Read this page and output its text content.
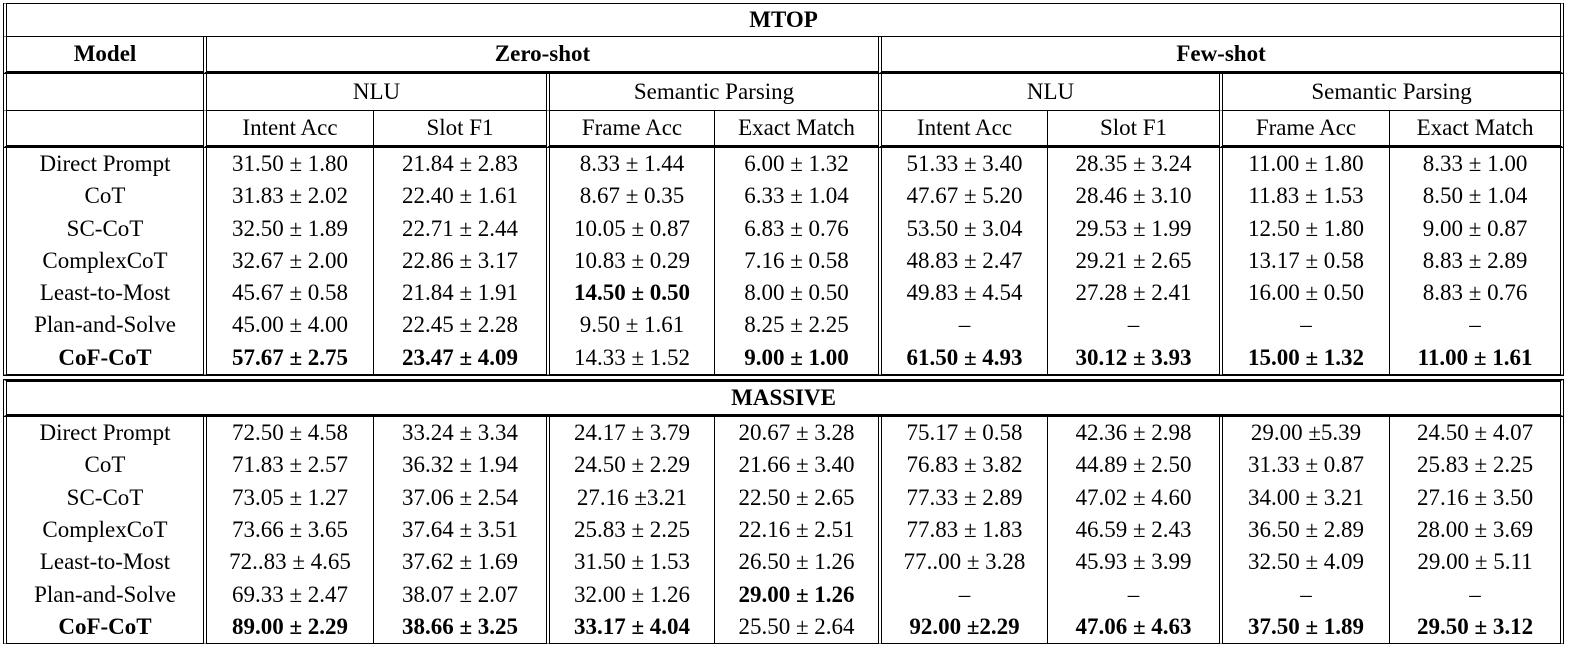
MTOP								
Model	Zero-shot				Few-shot			
	NLU		Semantic Parsing		NLU		Semantic Parsing	
	Intent Acc	Slot F1	Frame Acc	Exact Match	Intent Acc	Slot F1	Frame Acc	Exact Match
Direct Prompt	31.50 ± 1.80	21.84 ± 2.83	8.33 ± 1.44	6.00 ± 1.32	51.33 ± 3.40	28.35 ± 3.24	11.00 ± 1.80	8.33 ± 1.00
CoT	31.83 ± 2.02	22.40 ± 1.61	8.67 ± 0.35	6.33 ± 1.04	47.67 ± 5.20	28.46 ± 3.10	11.83 ± 1.53	8.50 ± 1.04
SC-CoT	32.50 ± 1.89	22.71 ± 2.44	10.05 ± 0.87	6.83 ± 0.76	53.50 ± 3.04	29.53 ± 1.99	12.50 ± 1.80	9.00 ± 0.87
ComplexCoT	32.67 ± 2.00	22.86 ± 3.17	10.83 ± 0.29	7.16 ± 0.58	48.83 ± 2.47	29.21 ± 2.65	13.17 ± 0.58	8.83 ± 2.89
Least-to-Most	45.67 ± 0.58	21.84 ± 1.91	14.50 ± 0.50	8.00 ± 0.50	49.83 ± 4.54	27.28 ± 2.41	16.00 ± 0.50	8.83 ± 0.76
Plan-and-Solve	45.00 ± 4.00	22.45 ± 2.28	9.50 ± 1.61	8.25 ± 2.25	–	–	–	–
CoF-CoT	57.67 ± 2.75	23.47 ± 4.09	14.33 ± 1.52	9.00 ± 1.00	61.50 ± 4.93	30.12 ± 3.93	15.00 ± 1.32	11.00 ± 1.61

MASSIVE								
Direct Prompt	72.50 ± 4.58	33.24 ± 3.34	24.17 ± 3.79	20.67 ± 3.28	75.17 ± 0.58	42.36 ± 2.98	29.00 ±5.39	24.50 ± 4.07
CoT	71.83 ± 2.57	36.32 ± 1.94	24.50 ± 2.29	21.66 ± 3.40	76.83 ± 3.82	44.89 ± 2.50	31.33 ± 0.87	25.83 ± 2.25
SC-CoT	73.05 ± 1.27	37.06 ± 2.54	27.16 ±3.21	22.50 ± 2.65	77.33 ± 2.89	47.02 ± 4.60	34.00 ± 3.21	27.16 ± 3.50
ComplexCoT	73.66 ± 3.65	37.64 ± 3.51	25.83 ± 2.25	22.16 ± 2.51	77.83 ± 1.83	46.59 ± 2.43	36.50 ± 2.89	28.00 ± 3.69
Least-to-Most	72..83 ± 4.65	37.62 ± 1.69	31.50 ± 1.53	26.50 ± 1.26	77..00 ± 3.28	45.93 ± 3.99	32.50 ± 4.09	29.00 ± 5.11
Plan-and-Solve	69.33 ± 2.47	38.07 ± 2.07	32.00 ± 1.26	29.00 ± 1.26	–	–	–	–
CoF-CoT	89.00 ± 2.29	38.66 ± 3.25	33.17 ± 4.04	25.50 ± 2.64	92.00 ±2.29	47.06 ± 4.63	37.50 ± 1.89	29.50 ± 3.12
